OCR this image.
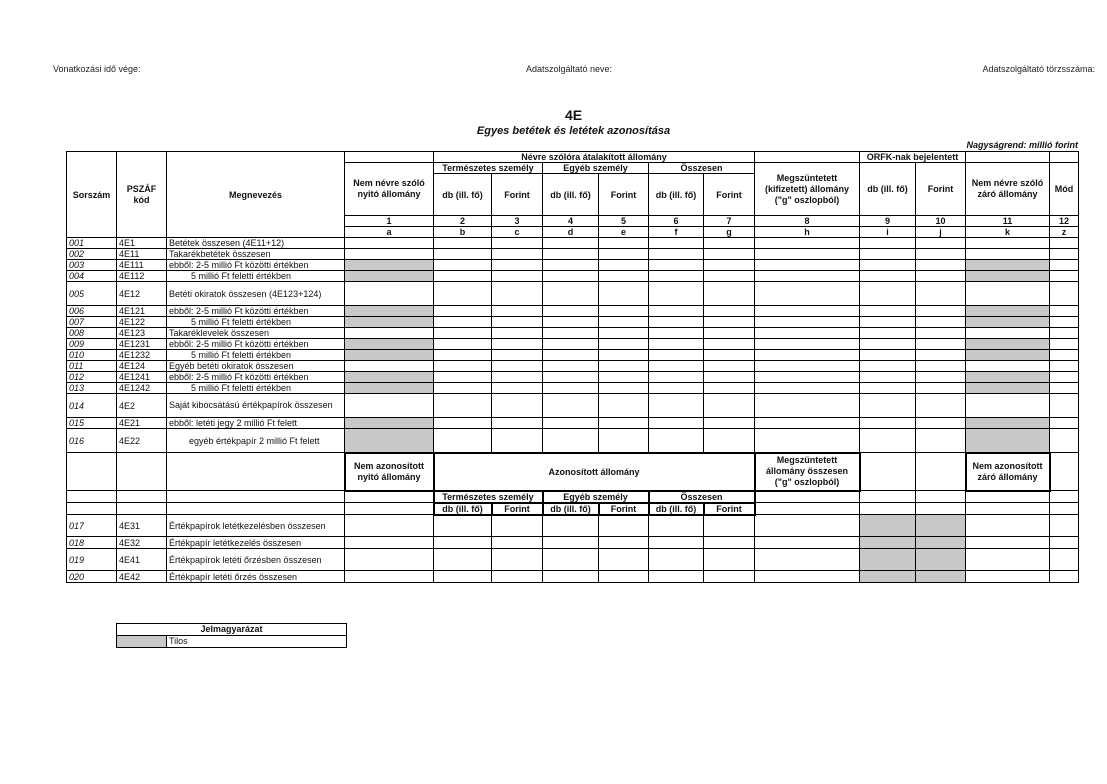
Vonatkozási idő vége:	Adatszolgáltató neve:	Adatszolgáltató törzsszáma:
4E
Egyes betétek és letétek azonosítása
Nagyságrend: millió forint
Sorszám	PSZÁF kód	Megnevezés		Névre szólóra átalakított állomány							ORFK-nak bejelentett			
			Nem névre szóló nyitó állomány	Természetes személy		Egyéb személy		Összesen		Megszüntetett (kifizetett) állomány ("g" oszlopból)	db (ill. fő)	Forint	Nem névre szóló záró állomány	Mód
				db (ill. fő)	Forint	db (ill. fő)	Forint	db (ill. fő)	Forint					
			1	2	3	4	5	6	7	8	9	10	11	12
			a	b	c	d	e	f	g	h	i	j	k	z
001	4E1	Betétek összesen (4E11+12)												
002	4E11	Takarékbetétek összesen												
003	4E111	ebből: 2-5 millió Ft közötti értékben												
004	4E112	5 millió Ft feletti értékben												
005	4E12	Betéti okiratok összesen (4E123+124)												
006	4E121	ebből: 2-5 millió Ft közötti értékben												
007	4E122	5 millió Ft feletti értékben												
008	4E123	Takaréklevelek összesen												
009	4E1231	ebből: 2-5 millió Ft közötti értékben												
010	4E1232	5 millió Ft feletti értékben												
011	4E124	Egyéb betéti okiratok összesen												
012	4E1241	ebből: 2-5 millió Ft közötti értékben												
013	4E1242	5 millió Ft feletti értékben												
014	4E2	Saját kibocsátású értékpapírok összesen												
015	4E21	ebből: letéti jegy 2 millió Ft felett												
016	4E22	egyéb értékpapír 2 millió Ft felett												
			Nem azonosított nyitó állomány	Azonosított állomány						Megszüntetett állomány összesen ("g" oszlopból)			Nem azonosított záró állomány	
				Természetes személy		Egyéb személy		Összesen						
				db (ill. fő)	Forint	db (ill. fő)	Forint	db (ill. fő)	Forint					
017	4E31	Értékpapírok letétkezelésben összesen												
018	4E32	Értékpapír letétkezelés összesen												
019	4E41	Értékpapírok letéti őrzésben összesen												
020	4E42	Értékpapír letéti őrzés összesen												
Jelmagyarázat
	Tilos
